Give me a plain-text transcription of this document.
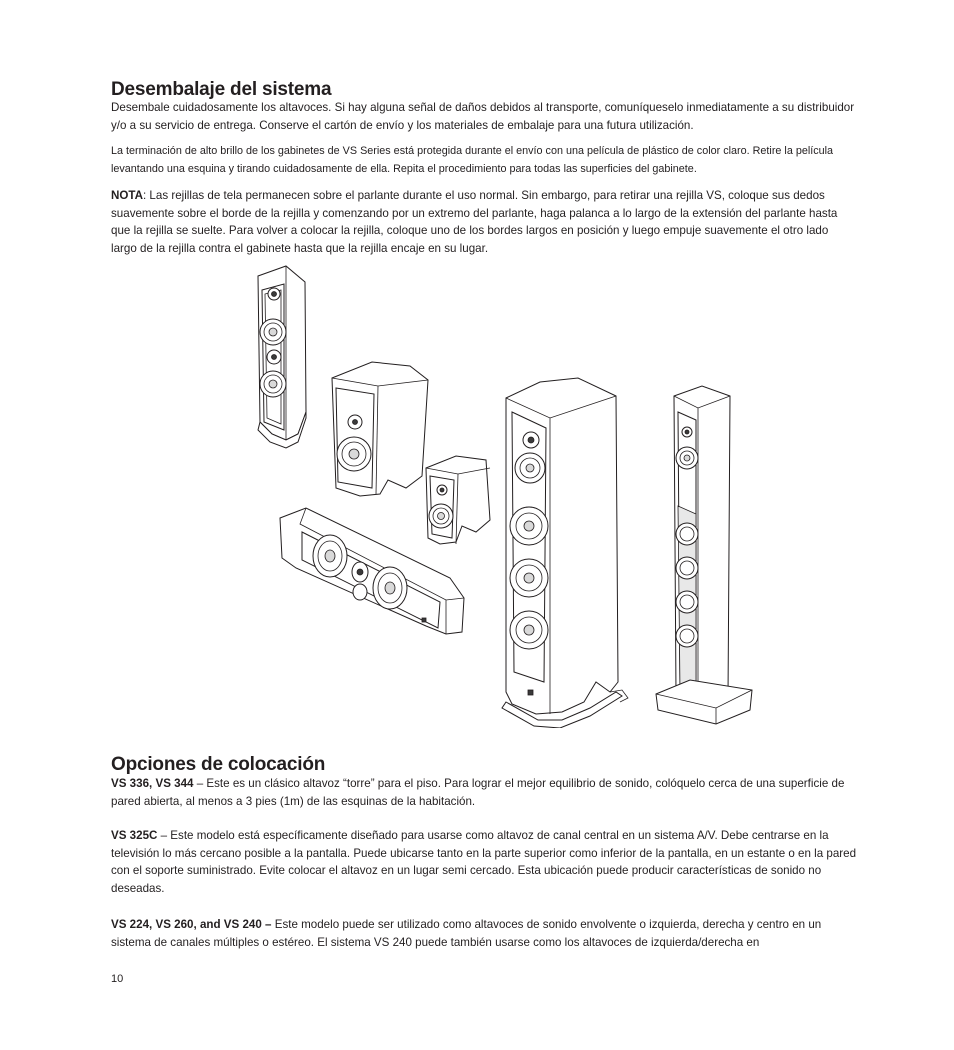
Desembalaje del sistema

Desembale cuidadosamente los altavoces. Si hay alguna señal de daños debidos al transporte, comuníqueselo inmediatamente a su distribuidor y/o a su servicio de entrega. Conserve el cartón de envío y los materiales de embalaje para una futura utilización.

La terminación de alto brillo de los gabinetes de VS Series está protegida durante el envío con una película de plástico de color claro. Retire la película levantando una esquina y tirando cuidadosamente de ella. Repita el procedimiento para todas las superficies del gabinete.

NOTA: Las rejillas de tela permanecen sobre el parlante durante el uso normal. Sin embargo, para retirar una rejilla VS, coloque sus dedos suavemente sobre el borde de la rejilla y comenzando por un extremo del parlante, haga palanca a lo largo de la extensión del parlante hasta que la rejilla se suelte. Para volver a colocar la rejilla, coloque uno de los bordes largos en posición y luego empuje suavemente el otro lado largo de la rejilla contra el gabinete hasta que la rejilla encaje en su lugar.

Opciones de colocación

VS 336, VS 344 – Este es un clásico altavoz “torre” para el piso. Para lograr el mejor equilibrio de sonido, colóquelo cerca de una superficie de pared abierta, al menos a 3 pies (1m) de las esquinas de la habitación.

VS 325C – Este modelo está específicamente diseñado para usarse como altavoz de canal central en un sistema A/V. Debe centrarse en la televisión lo más cercano posible a la pantalla. Puede ubicarse tanto en la parte superior como inferior de la pantalla, en un estante o en la pared con el soporte suministrado. Evite colocar el altavoz en un lugar semi cercado. Esta ubicación puede producir características de sonido no deseadas.

VS 224, VS 260, and VS 240 – Este modelo puede ser utilizado como altavoces de sonido envolvente o izquierda, derecha y centro en un sistema de canales múltiples o estéreo. El sistema VS 240 puede también usarse como los altavoces de izquierda/derecha en

10
